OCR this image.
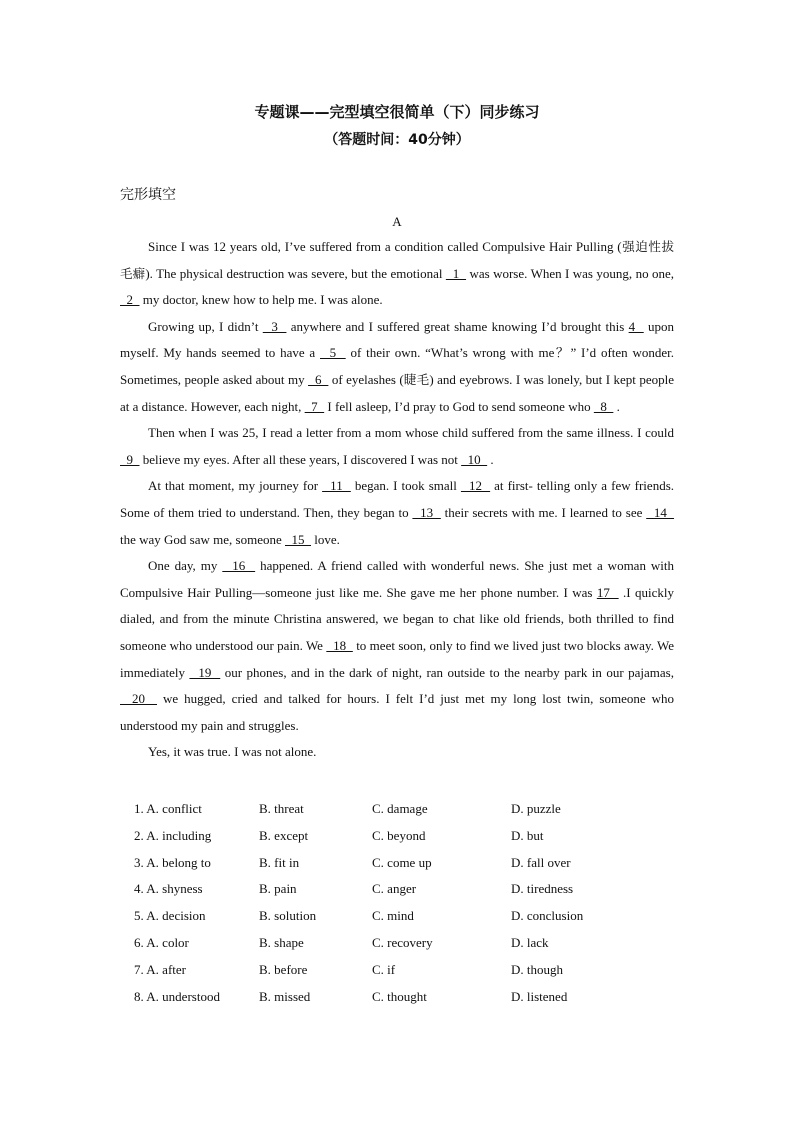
专题课——完型填空很简单（下）同步练习
（答题时间：40分钟）
完形填空
A

Since I was 12 years old, I’ve suffered from a condition called Compulsive Hair Pulling (强迫性拔毛癖). The physical destruction was severe, but the emotional   1   was worse. When I was young, no one,   2   my doctor, knew how to help me. I was alone.

Growing up, I didn’t   3   anywhere and I suffered great shame knowing I’d brought this 4   upon myself. My hands seemed to have a   5   of their own. “What’s wrong with me？” I’d often wonder. Sometimes, people asked about my   6   of eyelashes (睫毛) and eyebrows. I was lonely, but I kept people at a distance. However, each night,   7   I fell asleep, I’d pray to God to send someone who   8   .

Then when I was 25, I read a letter from a mom whose child suffered from the same illness. I could   9   believe my eyes. After all these years, I discovered I was not   10   .

At that moment, my journey for   11   began. I took small   12   at first- telling only a few friends. Some of them tried to understand. Then, they began to   13   their secrets with me. I learned to see   14   the way God saw me, someone   15   love.

One day, my   16   happened. A friend called with wonderful news. She just met a woman with Compulsive Hair Pulling—someone just like me. She gave me her phone number. I was 17   .I quickly dialed, and from the minute Christina answered, we began to chat like old friends, both thrilled to find someone who understood our pain. We   18   to meet soon, only to find we lived just two blocks away. We immediately   19   our phones, and in the dark of night, ran outside to the nearby park in our pajamas,   20   we hugged, cried and talked for hours. I felt I’d just met my long lost twin, someone who understood my pain and struggles.

Yes, it was true. I was not alone.

1. A. conflict	B. threat	C. damage	D. puzzle
2. A. including	B. except	C. beyond	D. but
3. A. belong to	B. fit in	C. come up	D. fall over
4. A. shyness	B. pain	C. anger	D. tiredness
5. A. decision	B. solution	C. mind	D. conclusion
6. A. color	B. shape	C. recovery	D. lack
7. A. after	B. before	C. if	D. though
8. A. understood	B. missed	C. thought	D. listened
